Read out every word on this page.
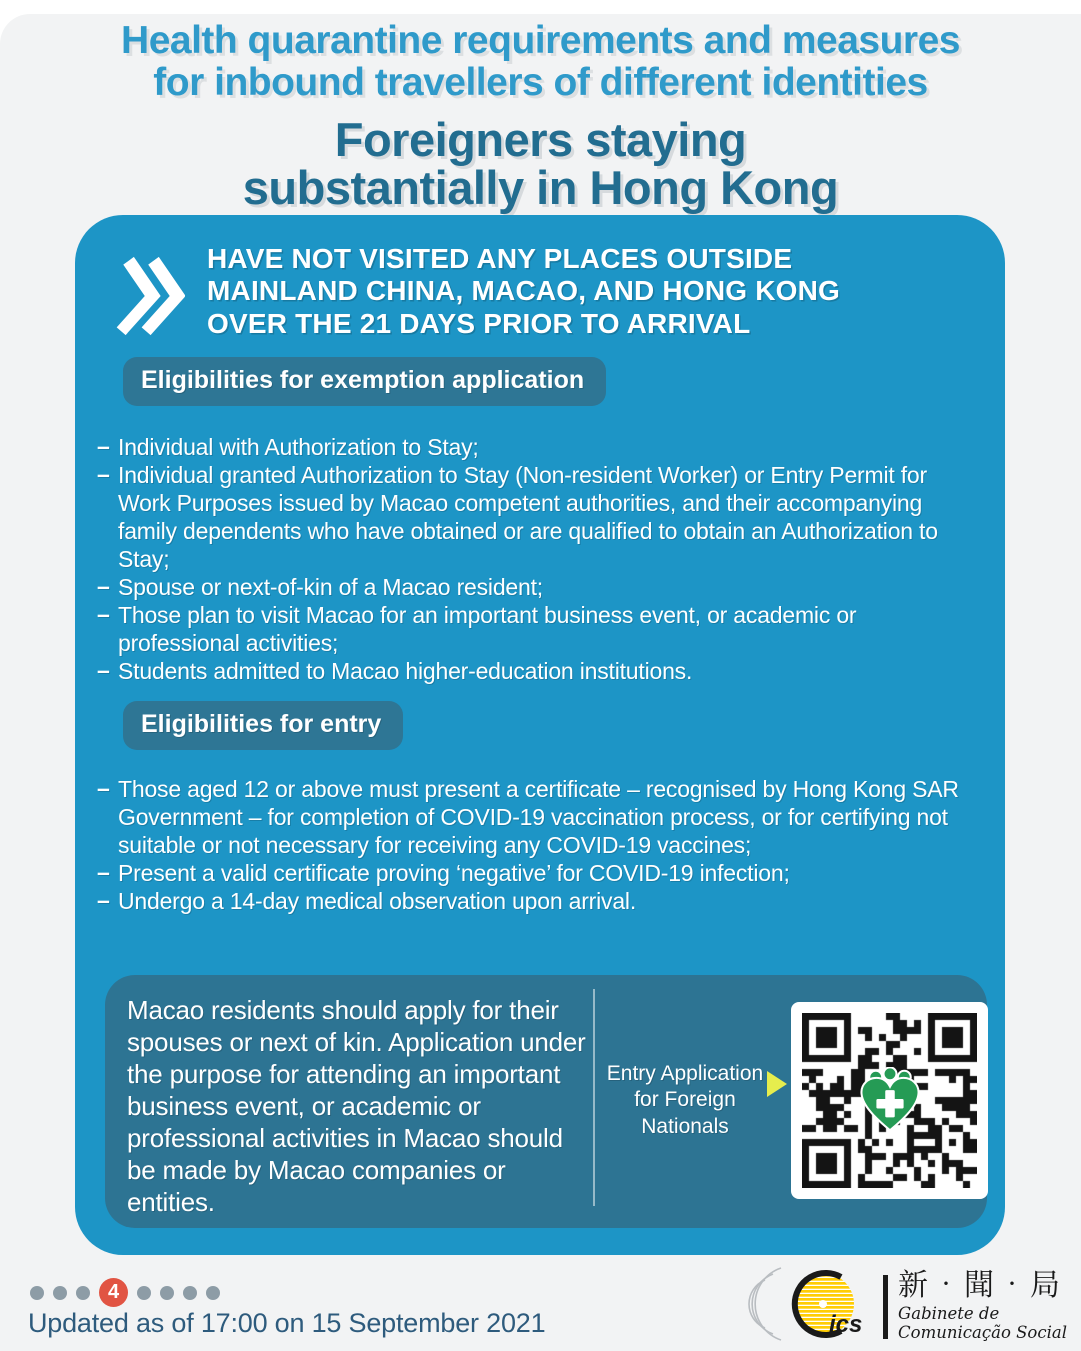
Health quarantine requirements and measures
for inbound travellers of different identities
Foreigners staying
substantially in Hong Kong
HAVE NOT VISITED ANY PLACES OUTSIDE
MAINLAND CHINA, MACAO, AND HONG KONG
OVER THE 21 DAYS PRIOR TO ARRIVAL
Eligibilities for exemption application
– Individual with Authorization to Stay;
– Individual granted Authorization to Stay (Non-resident Worker) or Entry Permit for Work Purposes issued by Macao competent authorities, and their accompanying family dependents who have obtained or are qualified to obtain an Authorization to Stay;
– Spouse or next-of-kin of a Macao resident;
– Those plan to visit Macao for an important business event, or academic or professional activities;
– Students admitted to Macao higher-education institutions.
Eligibilities for entry
– Those aged 12 or above must present a certificate – recognised by Hong Kong SAR Government – for completion of COVID-19 vaccination process, or for certifying not suitable or not necessary for receiving any COVID-19 vaccines;
– Present a valid certificate proving ‘negative’ for COVID-19 infection;
– Undergo a 14-day medical observation upon arrival.

Macao residents should apply for their spouses or next of kin. Application under the purpose for attending an important business event, or academic or professional activities in Macao should be made by Macao companies or entities.

Entry Application
for Foreign
Nationals
4
Updated as of 17:00 on 15 September 2021	ics
新‧聞‧局
Gabinete de
Comunicação Social
